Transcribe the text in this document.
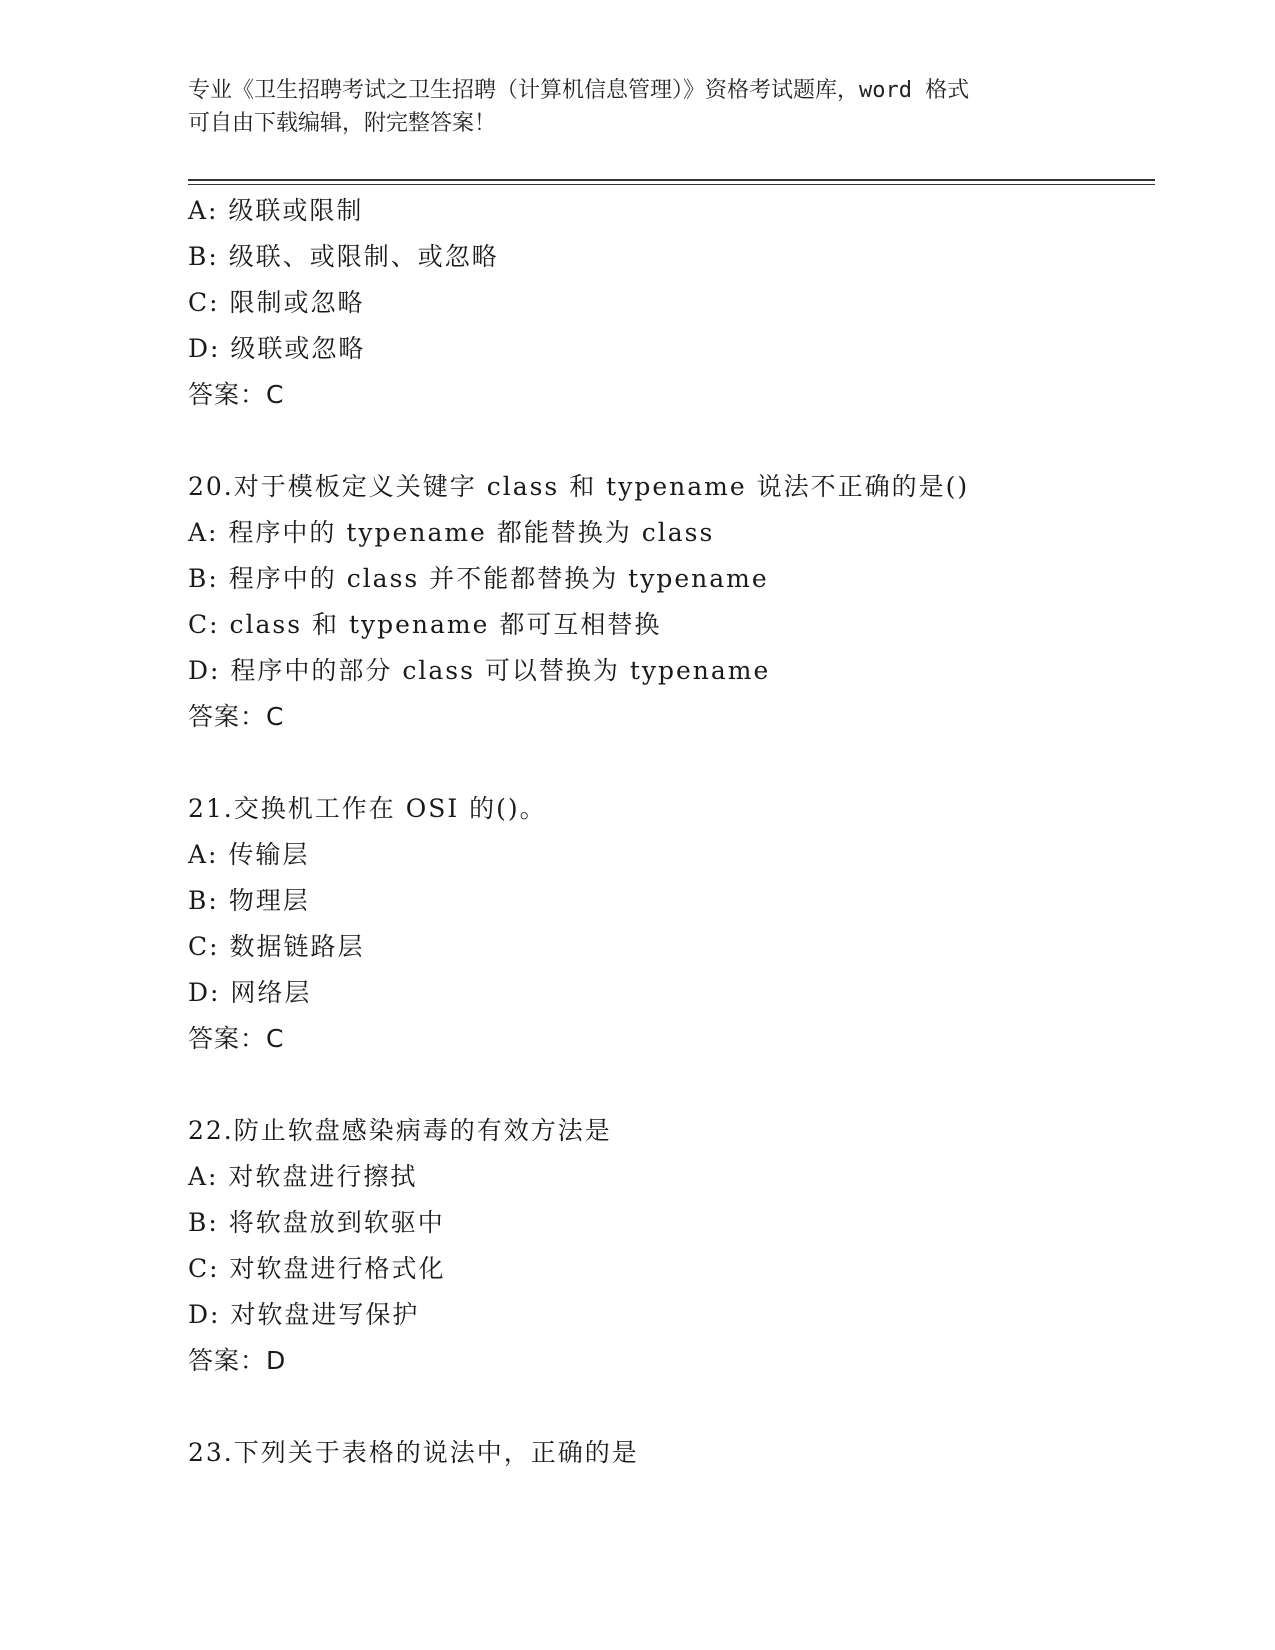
专业《卫生招聘考试之卫生招聘（计算机信息管理）》资格考试题库，word 格式
可自由下载编辑，附完整答案！
A: 级联或限制
B: 级联、或限制、或忽略
C: 限制或忽略
D: 级联或忽略
答案：C
20.对于模板定义关键字 class 和 typename 说法不正确的是()
A: 程序中的 typename 都能替换为 class
B: 程序中的 class 并不能都替换为 typename
C: class 和 typename 都可互相替换
D: 程序中的部分 class 可以替换为 typename
答案：C
21.交换机工作在 OSI 的()。
A: 传输层
B: 物理层
C: 数据链路层
D: 网络层
答案：C
22.防止软盘感染病毒的有效方法是
A: 对软盘进行擦拭
B: 将软盘放到软驱中
C: 对软盘进行格式化
D: 对软盘进写保护
答案：D
23.下列关于表格的说法中，正确的是
